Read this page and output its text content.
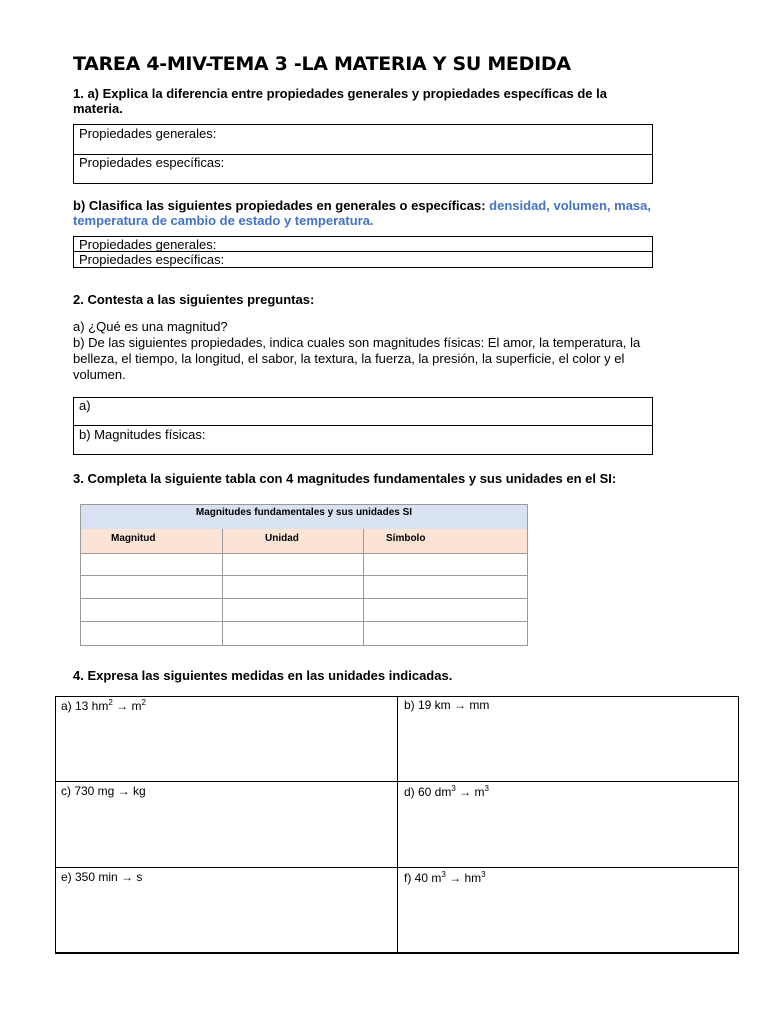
TAREA 4-MIV-TEMA 3 -LA MATERIA Y SU MEDIDA
1. a) Explica la diferencia entre propiedades generales y propiedades específicas de la
materia.
Propiedades generales:
Propiedades específicas:
b) Clasifica las siguientes propiedades en generales o específicas: densidad, volumen, masa,
temperatura de cambio de estado y temperatura.
Propiedades generales:
Propiedades específicas:
2. Contesta a las siguientes preguntas:
a) ¿Qué es una magnitud?
b) De las siguientes propiedades, indica cuales son magnitudes físicas: El amor, la temperatura, la
belleza, el tiempo, la longitud, el sabor, la textura, la fuerza, la presión, la superficie, el color y el
volumen.
a)
b) Magnitudes físicas:
3. Completa la siguiente tabla con 4 magnitudes fundamentales y sus unidades en el SI:
Magnitudes fundamentales y sus unidades SI
Magnitud	Unidad	Símbolo
4. Expresa las siguientes medidas en las unidades indicadas.
a) 13 $hm^2 \to m^2$	b) 19 km → mm
c) 730 mg → kg	d) 60 $dm^3 \to m^3$
e) 350 min → s	f) 40 $m^3 \to hm^3$
